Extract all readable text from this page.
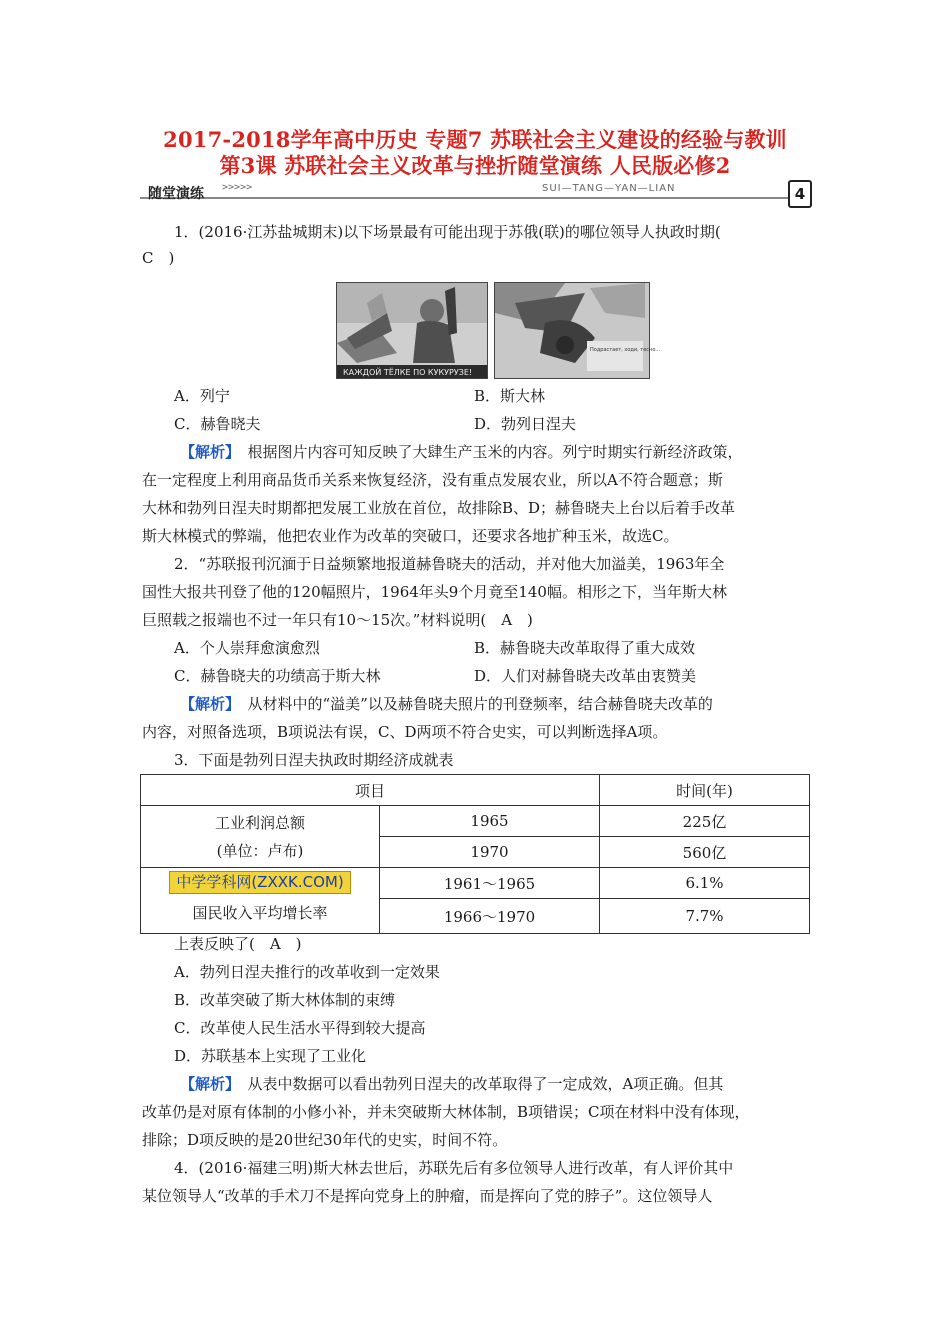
2017-2018学年高中历史 专题7 苏联社会主义建设的经验与教训
第3课 苏联社会主义改革与挫折随堂演练 人民版必修2
随堂演练 >>>>>	SUI—TANG—YAN—LIAN	4
1．(2016·江苏盐城期末)以下场景最有可能出现于苏俄(联)的哪位领导人执政时期(
C　)
КАЖДОЙ ТЁЛКЕ ПО КУКУРУЗЕ!
Подрастает, ходи, тесно...
A．列宁	B．斯大林
C．赫鲁晓夫	D．勃列日涅夫
【解析】　根据图片内容可知反映了大肆生产玉米的内容。列宁时期实行新经济政策，
在一定程度上利用商品货币关系来恢复经济，没有重点发展农业，所以A不符合题意；斯
大林和勃列日涅夫时期都把发展工业放在首位，故排除B、D；赫鲁晓夫上台以后着手改革
斯大林模式的弊端，他把农业作为改革的突破口，还要求各地扩种玉米，故选C。
2．“苏联报刊沉湎于日益频繁地报道赫鲁晓夫的活动，并对他大加溢美，1963年全
国性大报共刊登了他的120幅照片，1964年头9个月竟至140幅。相形之下，当年斯大林
巨照载之报端也不过一年只有10～15次。”材料说明(　A　)
A．个人崇拜愈演愈烈	B．赫鲁晓夫改革取得了重大成效
C．赫鲁晓夫的功绩高于斯大林	D．人们对赫鲁晓夫改革由衷赞美
【解析】　从材料中的“溢美”以及赫鲁晓夫照片的刊登频率，结合赫鲁晓夫改革的
内容，对照备选项，B项说法有误，C、D两项不符合史实，可以判断选择A项。
3．下面是勃列日涅夫执政时期经济成就表
项目		时间(年)

工业利润总额
(单位：卢布)	1965	225亿
	1970	560亿

中学学科网(ZXXK.COM)
国民收入平均增长率	1961～1965	6.1%
	1966～1970	7.7%
上表反映了(　A　)
A．勃列日涅夫推行的改革收到一定效果
B．改革突破了斯大林体制的束缚
C．改革使人民生活水平得到较大提高
D．苏联基本上实现了工业化
【解析】　从表中数据可以看出勃列日涅夫的改革取得了一定成效，A项正确。但其
改革仍是对原有体制的小修小补，并未突破斯大林体制，B项错误；C项在材料中没有体现，
排除；D项反映的是20世纪30年代的史实，时间不符。
4．(2016·福建三明)斯大林去世后，苏联先后有多位领导人进行改革，有人评价其中
某位领导人“改革的手术刀不是挥向党身上的肿瘤，而是挥向了党的脖子”。这位领导人
